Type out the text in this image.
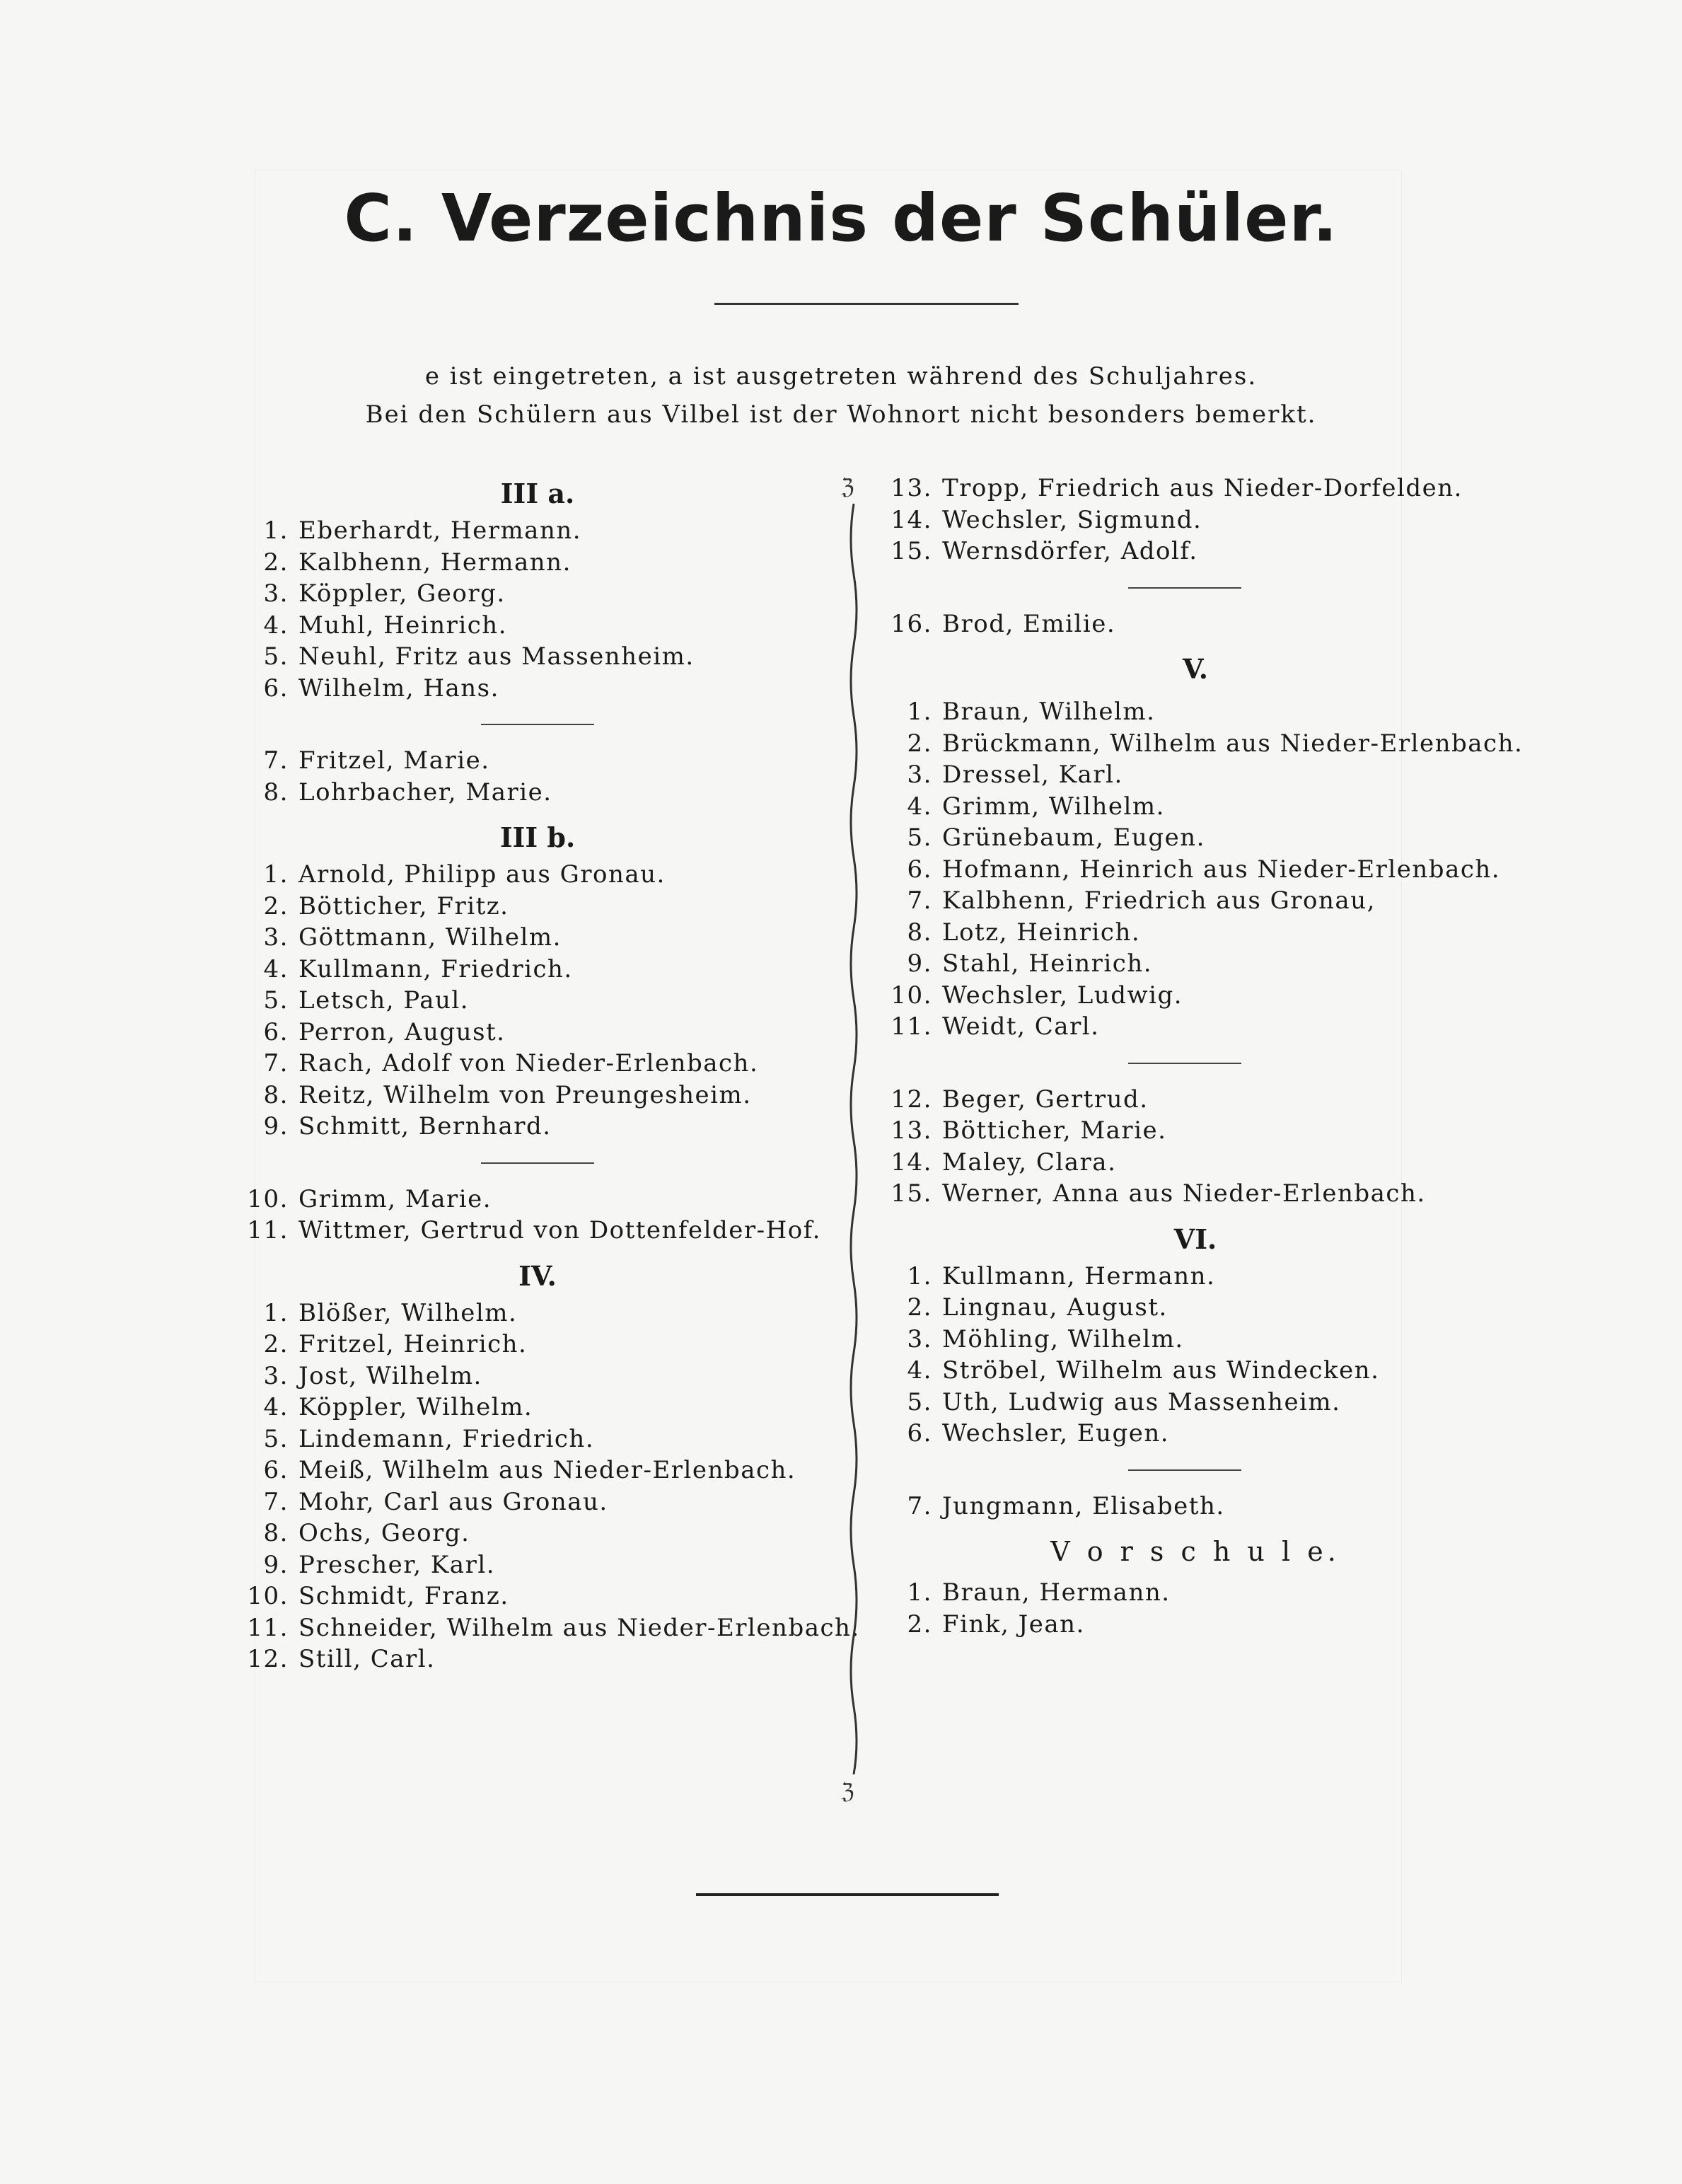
C. Verzeichnis der Schüler.
e ist eingetreten, a ist ausgetreten während des Schuljahres.
Bei den Schülern aus Vilbel ist der Wohnort nicht besonders bemerkt.
III a.
1. Eberhardt, Hermann.
2. Kalbhenn, Hermann.
3. Köppler, Georg.
4. Muhl, Heinrich.
5. Neuhl, Fritz aus Massenheim.
6. Wilhelm, Hans.
7. Fritzel, Marie.
8. Lohrbacher, Marie.
III b.
1. Arnold, Philipp aus Gronau.
2. Bötticher, Fritz.
3. Göttmann, Wilhelm.
4. Kullmann, Friedrich.
5. Letsch, Paul.
6. Perron, August.
7. Rach, Adolf von Nieder-Erlenbach.
8. Reitz, Wilhelm von Preungesheim.
9. Schmitt, Bernhard.
10. Grimm, Marie.
11. Wittmer, Gertrud von Dottenfelder-Hof.
IV.
1. Blößer, Wilhelm.
2. Fritzel, Heinrich.
3. Jost, Wilhelm.
4. Köppler, Wilhelm.
5. Lindemann, Friedrich.
6. Meiß, Wilhelm aus Nieder-Erlenbach.
7. Mohr, Carl aus Gronau.
8. Ochs, Georg.
9. Prescher, Karl.
10. Schmidt, Franz.
11. Schneider, Wilhelm aus Nieder-Erlenbach.
12. Still, Carl.
ℨ
ℨ
13. Tropp, Friedrich aus Nieder-Dorfelden.
14. Wechsler, Sigmund.
15. Wernsdörfer, Adolf.
16. Brod, Emilie.
V.
1. Braun, Wilhelm.
2. Brückmann, Wilhelm aus Nieder-Erlenbach.
3. Dressel, Karl.
4. Grimm, Wilhelm.
5. Grünebaum, Eugen.
6. Hofmann, Heinrich aus Nieder-Erlenbach.
7. Kalbhenn, Friedrich aus Gronau,
8. Lotz, Heinrich.
9. Stahl, Heinrich.
10. Wechsler, Ludwig.
11. Weidt, Carl.
12. Beger, Gertrud.
13. Bötticher, Marie.
14. Maley, Clara.
15. Werner, Anna aus Nieder-Erlenbach.
VI.
1. Kullmann, Hermann.
2. Lingnau, August.
3. Möhling, Wilhelm.
4. Ströbel, Wilhelm aus Windecken.
5. Uth, Ludwig aus Massenheim.
6. Wechsler, Eugen.
7. Jungmann, Elisabeth.
V o r s c h u l e.
1. Braun, Hermann.
2. Fink, Jean.
